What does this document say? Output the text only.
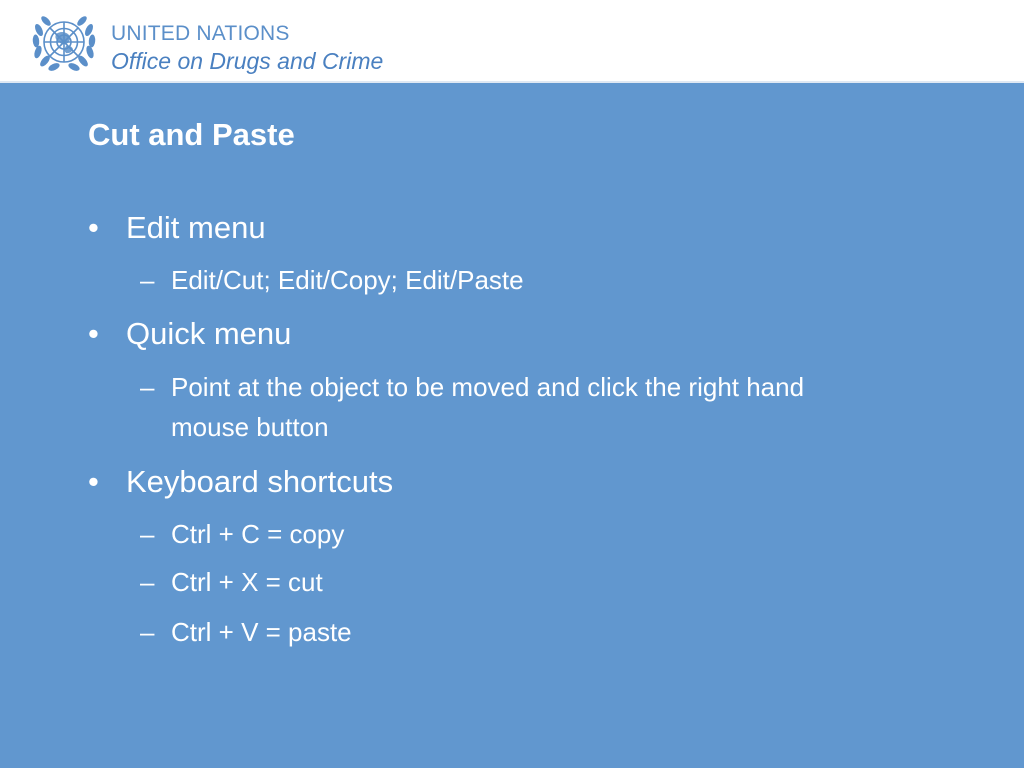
UNITED NATIONS
Office on Drugs and Crime
Cut and Paste
• Edit menu
– Edit/Cut; Edit/Copy; Edit/Paste
• Quick menu
– Point at the object to be moved and click the right hand mouse button
• Keyboard shortcuts
– Ctrl + C = copy
– Ctrl + X = cut
– Ctrl + V = paste
